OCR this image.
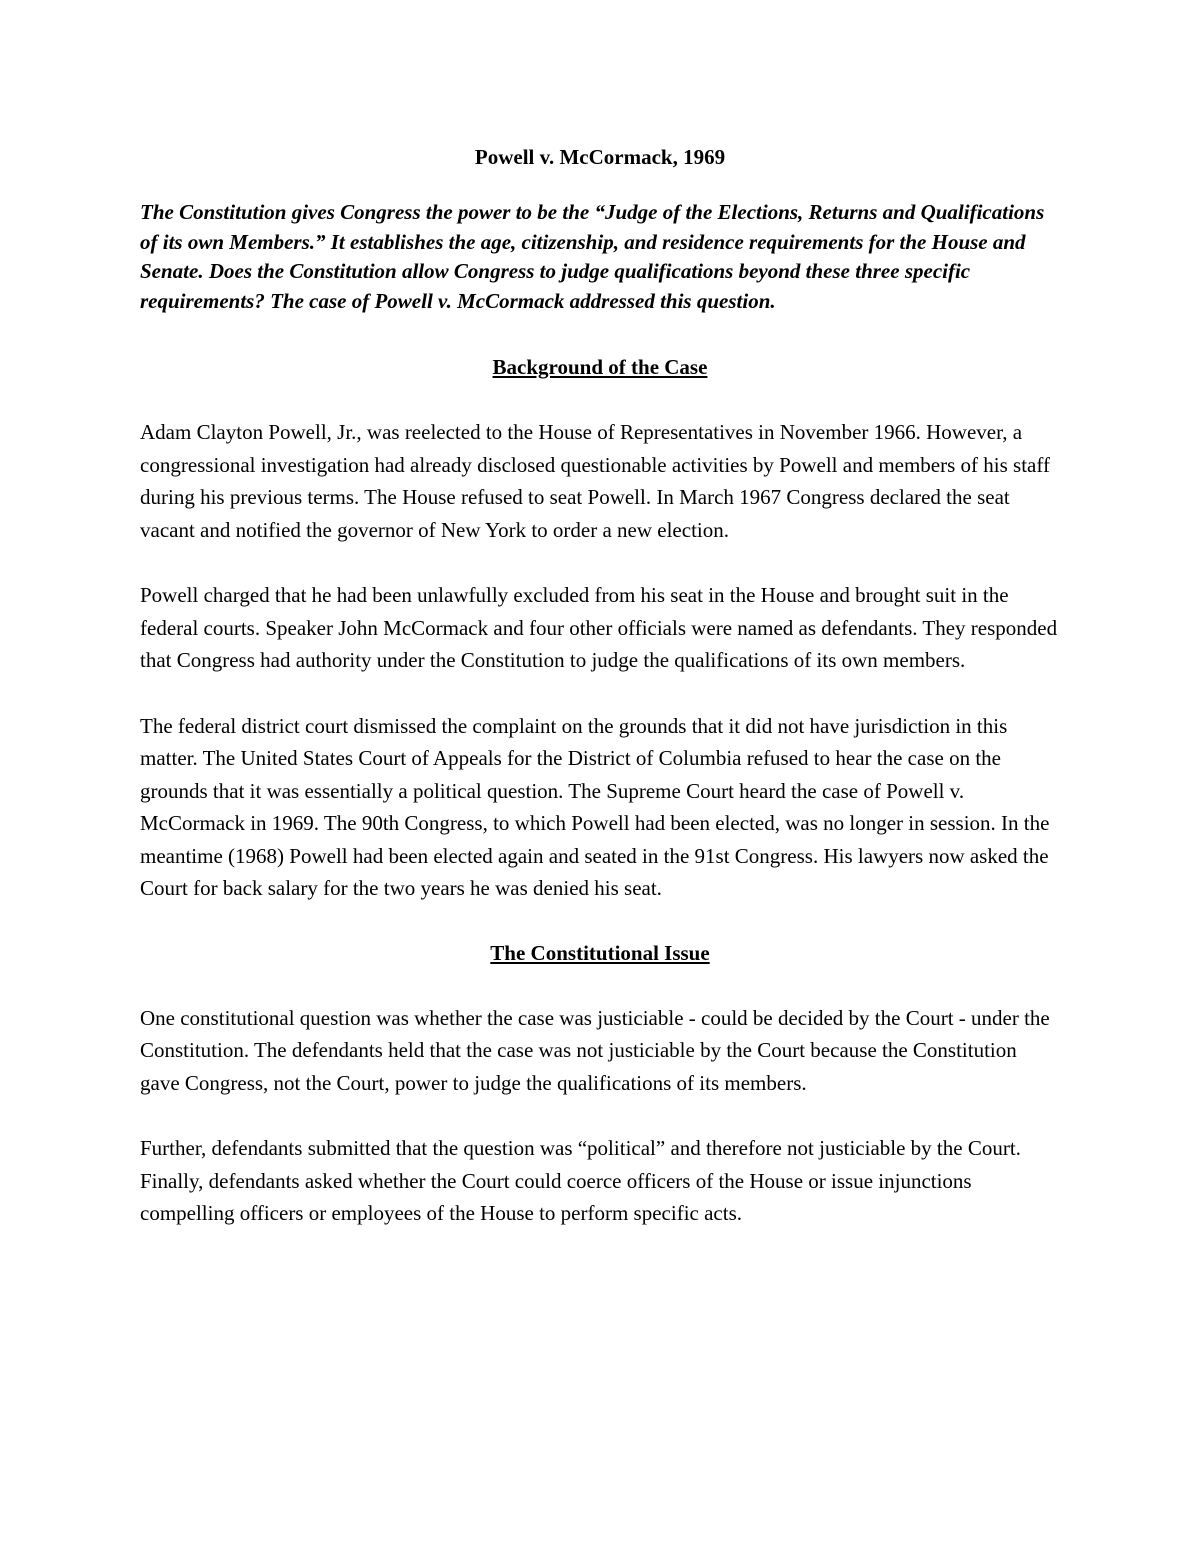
Powell v. McCormack, 1969

The Constitution gives Congress the power to be the “Judge of the Elections, Returns and Qualifications of its own Members.” It establishes the age, citizenship, and residence requirements for the House and Senate. Does the Constitution allow Congress to judge qualifications beyond these three specific requirements? The case of Powell v. McCormack addressed this question.

Background of the Case

Adam Clayton Powell, Jr., was reelected to the House of Representatives in November 1966. However, a congressional investigation had already disclosed questionable activities by Powell and members of his staff during his previous terms. The House refused to seat Powell. In March 1967 Congress declared the seat vacant and notified the governor of New York to order a new election.

Powell charged that he had been unlawfully excluded from his seat in the House and brought suit in the federal courts. Speaker John McCormack and four other officials were named as defendants. They responded that Congress had authority under the Constitution to judge the qualifications of its own members.

The federal district court dismissed the complaint on the grounds that it did not have jurisdiction in this matter. The United States Court of Appeals for the District of Columbia refused to hear the case on the grounds that it was essentially a political question. The Supreme Court heard the case of Powell v. McCormack in 1969. The 90th Congress, to which Powell had been elected, was no longer in session. In the meantime (1968) Powell had been elected again and seated in the 91st Congress. His lawyers now asked the Court for back salary for the two years he was denied his seat.

The Constitutional Issue

One constitutional question was whether the case was justiciable - could be decided by the Court - under the Constitution. The defendants held that the case was not justiciable by the Court because the Constitution gave Congress, not the Court, power to judge the qualifications of its members.

Further, defendants submitted that the question was “political” and therefore not justiciable by the Court. Finally, defendants asked whether the Court could coerce officers of the House or issue injunctions compelling officers or employees of the House to perform specific acts.
